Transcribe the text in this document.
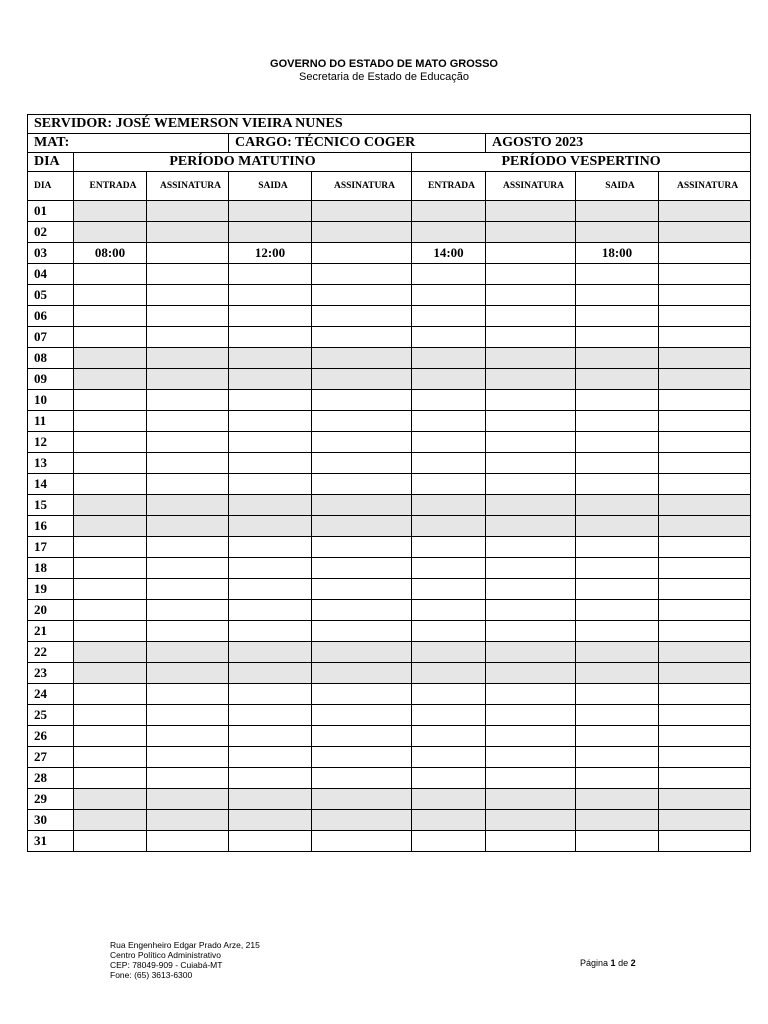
GOVERNO DO ESTADO DE MATO GROSSO
Secretaria de Estado de Educação
SERVIDOR: JOSÉ WEMERSON VIEIRA NUNES								
MAT:			CARGO: TÉCNICO COGER			AGOSTO 2023		
DIA	PERÍODO MATUTINO				PERÍODO VESPERTINO			
DIA	ENTRADA	ASSINATURA	SAIDA	ASSINATURA	ENTRADA	ASSINATURA	SAIDA	ASSINATURA
01								
02								
03	08:00		12:00		14:00		18:00	
04								
05								
06								
07								
08								
09								
10								
11								
12								
13								
14								
15								
16								
17								
18								
19								
20								
21								
22								
23								
24								
25								
26								
27								
28								
29								
30								
31								
Rua Engenheiro Edgar Prado Arze, 215
Centro Político Administrativo
CEP: 78049-909 - Cuiabá-MT
Fone: (65) 3613-6300
Página 1 de 2
